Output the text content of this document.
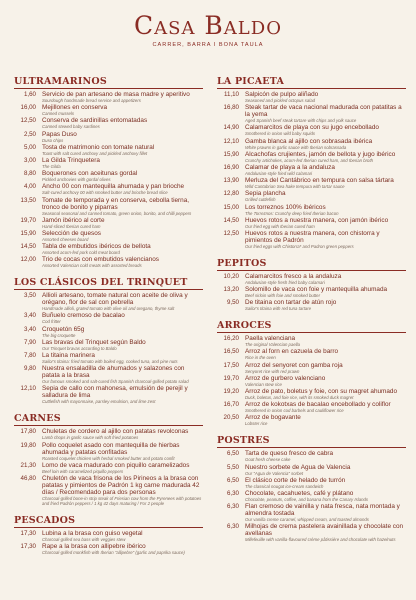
Casa Baldo
CARRER, BARRA I BONA TAULA
ULTRAMARINOS
1,60 Servicio de pan artesano de masa madre y aperitivo
Sourdough handmade bread service and appetizers
16,00 Mejillones en conserva
Canned mussels
12,50 Conserva de sardinillas entomatadas
Canned stewed baby sardines
2,50 Papas Duso
Duso chips
5,00 Tosta de matrimonio con tomate natural
Toast with salt cured anchovy and pickled anchovy fillet
3,00 La Gilda Trinquetera
The Gilda
8,80 Boquerones con aceitunas gordal
Pickled anchovies with gordal olives
4,00 Ancho 00 con mantequilla ahumada y pan brioche
Salt-cured anchovy 00 with smoked butter and brioche bread slice
13,50 Tomate de temporada y en conserva, cebolla tierna, tronco de bonito y piparras
Seasonal seasonal and canned tomato, green onion, bonito, and chilli peppers
19,70 Jamón ibérico al corte
Hand-sliced Iberian cured ham
15,90 Selección de quesos
Assorted cheeses board
14,50 Tabla de embutidos ibéricos de bellota
Assorted acorn-fed pork cold meat board
12,00 Trio de cocas con embutidos valencianos
Assorted Valencian cold meats with assorted breads
LOS CLÁSICOS DEL TRINQUET
3,50 Allioli artesano, tomate natural con aceite de oliva y orégano, flor de sal con pebrella
Handmade allioli, grated tomato with olive oil and oregano, thyme salt
3,40 Buñuelo cremoso de bacalao
Cod fritter
3,40 Croquetón 65g
The big croquette
7,90 Las bravas del Trinquet según Baldo
Our Trinquet bravas according to Baldo
7,80 La titaina marinera
Sailor's titaina: fried tomato with boiled egg, cooked tuna, and pine nuts
9,80 Nuestra ensaladilla de ahumados y salazones con patata a la brasa
Our famous smoked and salt-cured fish Spanish charcoal-grilled potato salad
12,10 Sepia de callo con mahonesa, emulsión de perejil y salladura de lima
Cuttlefish with mayonnaise, parsley emulsion, and lime zest
CARNES
17,80 Chuletas de cordero al ajillo con patatas revolconas
Lamb chops in garlic sauce with soft fried potatoes
19,80 Pollo coquelet asado con mantequilla de hierbas ahumada y patatas confitadas
Roasted coquelet chicken with herbal smoked butter and potato confit
21,30 Lomo de vaca madurado con piquillo caramelizados
Beef loin with caramelized piquillo peppers
46,80 Chuletón de vaca frisona de los Pirineos a la brasa con patatas y pimientos de Padrón 1 kg carne madurada 42 días / Recomendado para dos personas
Charcoal-grilled bone-in strip steak of Friesian cow from the Pyrenees with potatoes and fried Padrón peppers / 1 kg 42 days maturing / For 2 people
PESCADOS
17,30 Lubina a la brasa con guiso vegetal
Charcoal-grilled sea bass with veggies stew
17,30 Rape a la brasa con allipebre ibérico
Charcoal-grilled monkfish with Iberian "allipebre" (garlic and paprika sauce)
LA PICAETA
11,10 Salpicón de pulpo aliñado
Seasoned and pickled octopus salad
16,80 Steak tartar de vaca nacional madurada con patatitas a la yema
Aged Spanish beef steak tartare with chips and yolk sauce
14,90 Calamarcitos de playa con su jugo encebollado
Smothered in onion wild baby squids
12,10 Gamba blanca al ajillo con sobrasada ibérica
White prawns in garlic sauce with Iberian sobrassada
15,90 Alcachofas crujientes, jamón de bellota y jugo ibérico
Crunchy artichokes, acorn-fed Iberian cured ham, and Iberian broth
16,90 Calamar de playa a la andaluza
Andalusian-style fried wild calamari
13,90 Merluza del Cantábrico en tempura con salsa tártara
Wild Cantabrian Sea hake tempura with tartar sauce
12,80 Sepia plancha
Grilled cuttlefish
15,00 Los torreznos 100% ibéricos
The Torreznos: Crunchy deep fried Iberian bacon
14,50 Huevos rotos a nuestra manera, con jamón ibérico
Our fried egg with Iberian cured ham
12,50 Huevos rotos a nuestra manera, con chistorra y pimientos de Padrón
Our fried eggs with Chistorra* and Padron green peppers
PEPITOS
10,20 Calamarcitos fresco a la andaluza
Andalusian-style fresh fried baby calamari
13,20 Solomillo de vaca con foie y mantequilla ahumada
Beef sirloin with foie and smoked butter
9,50 De titaina con tartar de atún rojo
Sailor's titaina with red tuna tartare
ARROCES
16,20 Paella valenciana
The original Valencian paella
16,50 Arroz al forn en cazuela de barro
Rice in the oven
17,50 Arroz del senyoret con gamba roja
Senyoret rice with red prawn
19,70 Arroz de gurbero valenciano
Valencian stew rice
19,20 Arroz de pato, boletus y foie, con su magret ahumado
Duck, boletus, and foie rice, with its smoked duck magret
16,70 Arroz de kokotxas de bacalao encebollado y coliflor
Smothered in onion cod barbels and cauliflower rice
20,50 Arroz de bogavante
Lobster rice
POSTRES
6,50 Tarta de queso fresco de cabra
Goat fresh cheese cake
5,50 Nuestro sorbete de Agua de Valencia
Our "Agua de Valencia" sorbet
6,50 El clásico corte de helado de turrón
The classical nougat ice-cream sandwich
6,30 Chocolate, cacahuetes, café y plátano
Chocolate, peanuts, coffee, and banana from the Canary Islands
6,30 Flan cremoso de vainilla y nata fresca, nata montada y almendra tostada
Our vanilla creme caramel, whipped cream, and toasted almonds
6,30 Milhojas de crema pastelera avainillada y chocolate con avellanas
Millefeuille with vanilla-flavoured crème pâtissière and chocolate with hazelnuts
